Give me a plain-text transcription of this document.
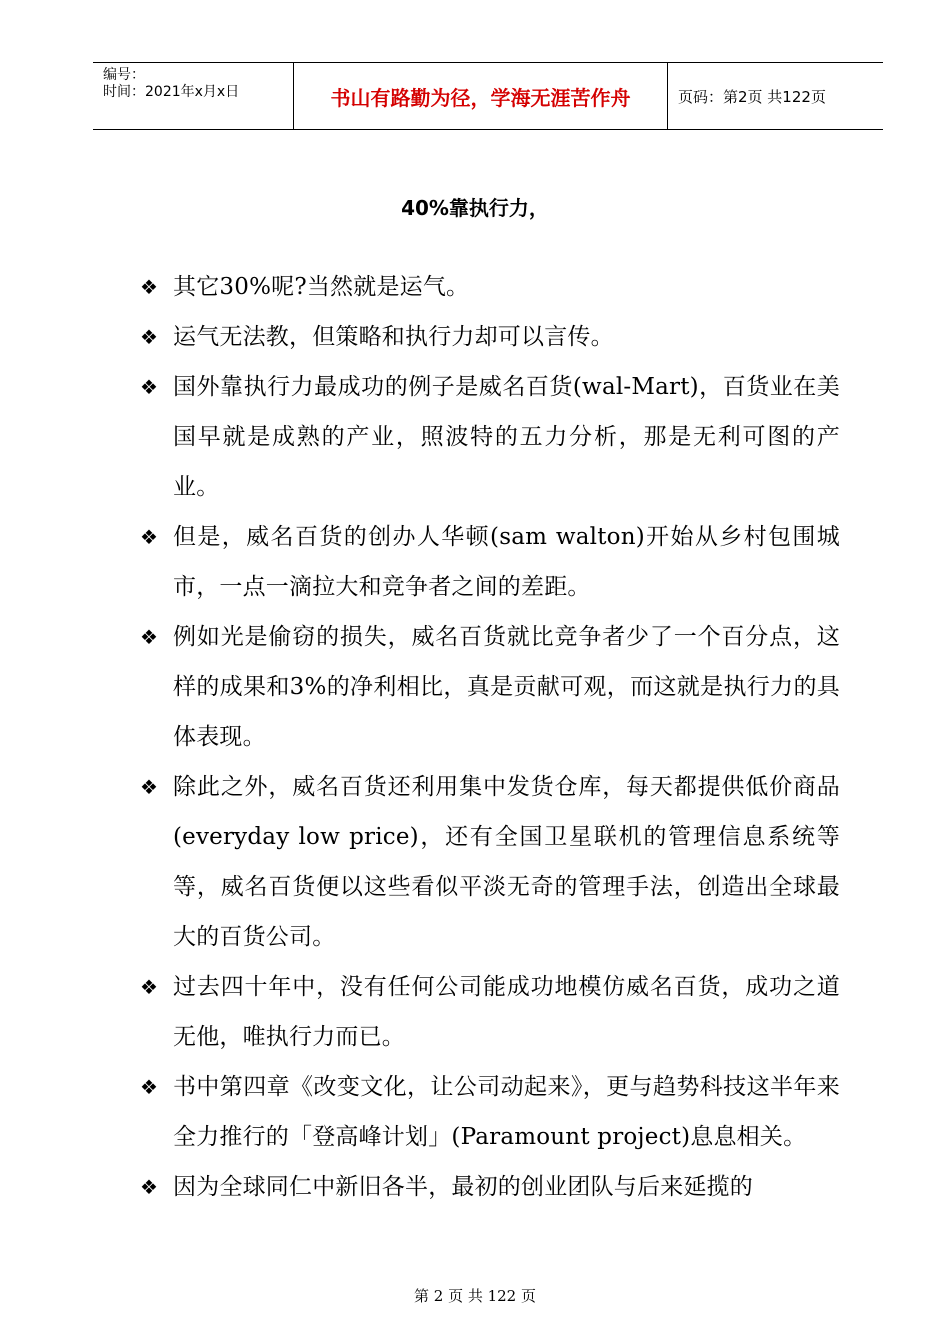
编号：
时间：2021年x月x日	书山有路勤为径，学海无涯苦作舟	页码：第2页 共122页
40%靠执行力，
❖ 其它30%呢?当然就是运气。
❖ 运气无法教，但策略和执行力却可以言传。
❖ 国外靠执行力最成功的例子是威名百货(wal-Mart)，百货业在美国早就是成熟的产业，照波特的五力分析，那是无利可图的产业。
❖ 但是，威名百货的创办人华顿(sam walton)开始从乡村包围城市，一点一滴拉大和竞争者之间的差距。
❖ 例如光是偷窃的损失，威名百货就比竞争者少了一个百分点，这样的成果和3%的净利相比，真是贡献可观，而这就是执行力的具体表现。
❖ 除此之外，威名百货还利用集中发货仓库，每天都提供低价商品(everyday low price)，还有全国卫星联机的管理信息系统等等，威名百货便以这些看似平淡无奇的管理手法，创造出全球最大的百货公司。
❖ 过去四十年中，没有任何公司能成功地模仿威名百货，成功之道无他，唯执行力而已。
❖ 书中第四章《改变文化，让公司动起来》，更与趋势科技这半年来全力推行的「登高峰计划」(Paramount project)息息相关。
❖ 因为全球同仁中新旧各半，最初的创业团队与后来延揽的
第 2 页 共 122 页
